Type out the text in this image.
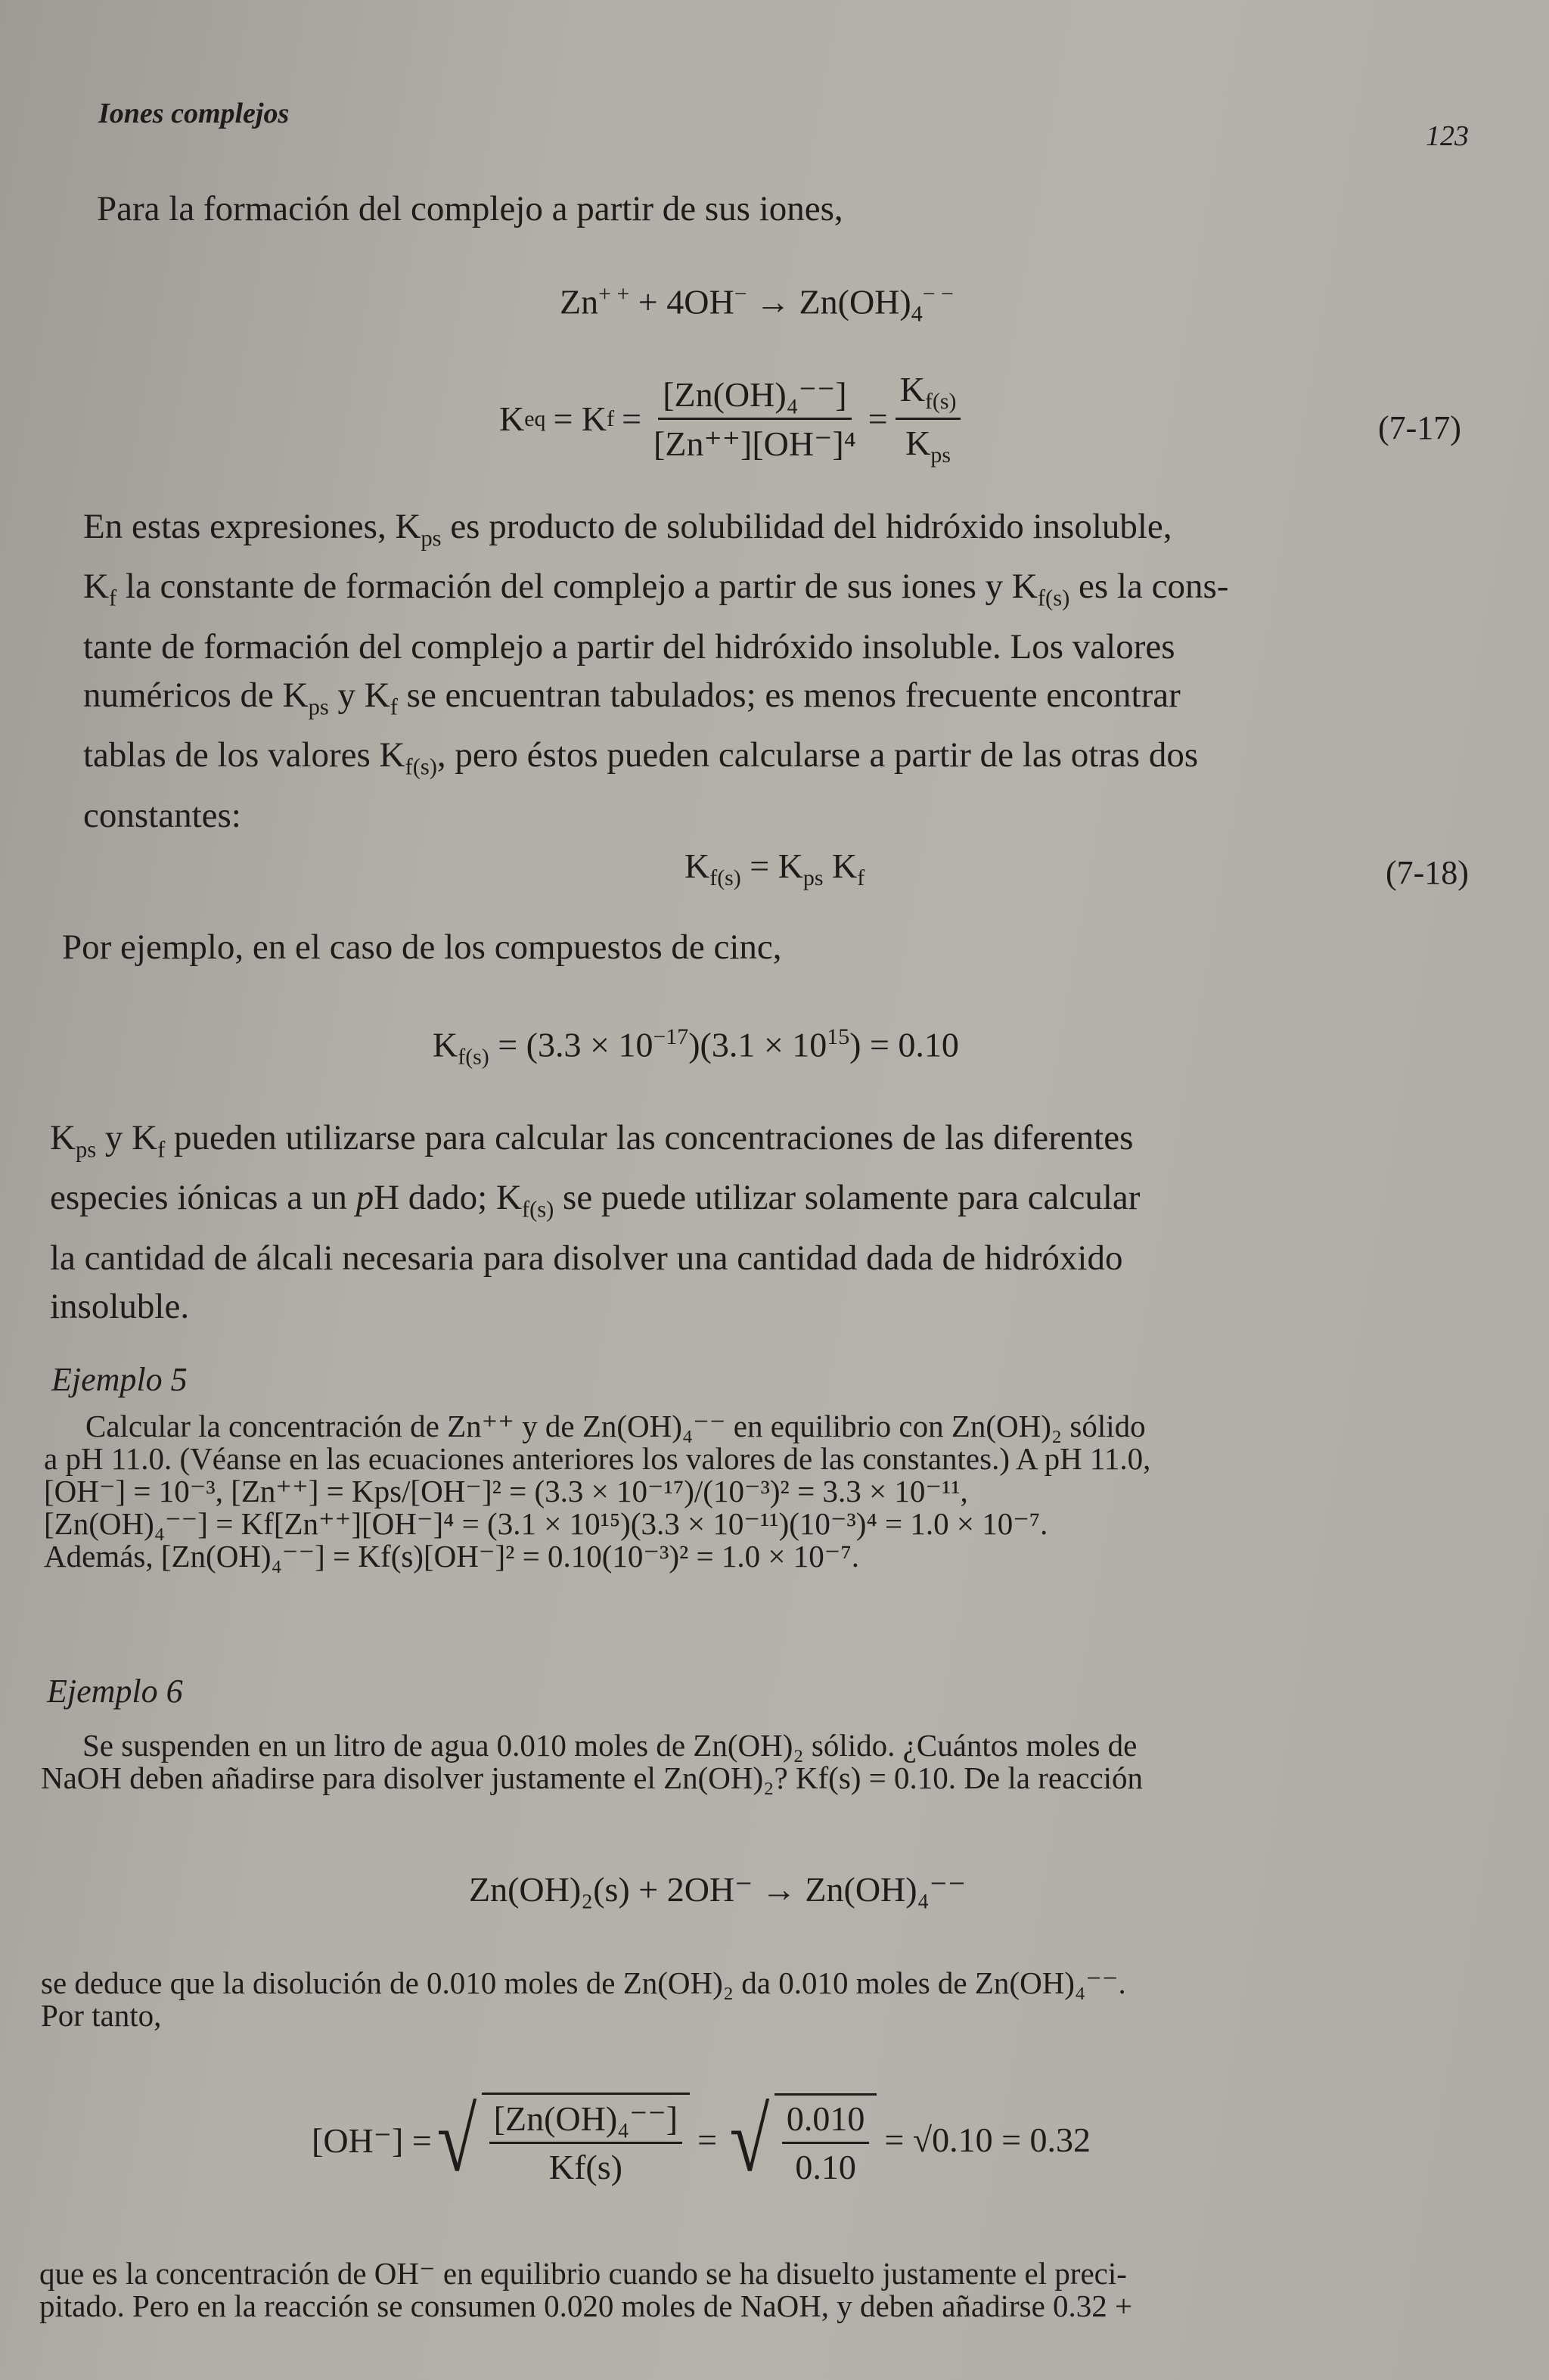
Iones complejos
123
Para la formación del complejo a partir de sus iones,
$Zn^{+ +} + 4OH^- \to Zn(OH)_4^{- -}$
K eq = K $f = \frac{\text{[Zn(OH)₄⁻⁻]}}{\text{[Zn⁺⁺][OH⁻]⁴}} = \frac{K_{f(s)}}{K_{ps}}$	(7-17)
En estas expresiones, $K_{ps}$ es producto de solubilidad del hidróxido insoluble,
$K_f$ la constante de formación del complejo a partir de sus iones y $K_{f(s)}$ es la cons-
tante de formación del complejo a partir del hidróxido insoluble. Los valores
numéricos de $K_{ps}$ y $K_f$ se encuentran tabulados; es menos frecuente encontrar
tablas de los valores $K_{f(s)}$, pero éstos pueden calcularse a partir de las otras dos
constantes:
$K_{f(s)} = K_{ps}$ $K_f$	(7-18)
Por ejemplo, en el caso de los compuestos de cinc,
$K_{f(s)} = (3.3 \times 10^{-17})(3.1 \times 10^{15}) = 0.10$
$K_{ps}$ y $K_f$ pueden utilizarse para calcular las concentraciones de las diferentes
especies iónicas a un pH dado; $K_{f(s)}$ se puede utilizar solamente para calcular
la cantidad de álcali necesaria para disolver una cantidad dada de hidróxido
insoluble.
Ejemplo 5
Calcular la concentración de Zn⁺⁺ y de Zn(OH)₄⁻⁻ en equilibrio con Zn(OH)₂ sólido
a pH 11.0. (Véanse en las ecuaciones anteriores los valores de las constantes.) A pH 11.0,
[OH⁻] = 10⁻³, [Zn⁺⁺] = Kps/[OH⁻]² = (3.3 × 10⁻¹⁷)/(10⁻³)² = 3.3 × 10⁻¹¹,
[Zn(OH)₄⁻⁻] = Kf[Zn⁺⁺][OH⁻]⁴ = (3.1 × 10¹⁵)(3.3 × 10⁻¹¹)(10⁻³)⁴ = 1.0 × 10⁻⁷.
Además, [Zn(OH)₄⁻⁻] = Kf(s)[OH⁻]² = 0.10(10⁻³)² = 1.0 × 10⁻⁷.
Ejemplo 6
Se suspenden en un litro de agua 0.010 moles de Zn(OH)₂ sólido. ¿Cuántos moles de
NaOH deben añadirse para disolver justamente el Zn(OH)₂? Kf(s) = 0.10. De la reacción
Zn(OH)₂(s) + 2OH⁻ → Zn(OH)₄⁻⁻
se deduce que la disolución de 0.010 moles de Zn(OH)₂ da 0.010 moles de Zn(OH)₄⁻⁻.
Por tanto,
[OH⁻] = √ $\frac{\text{[Zn(OH)₄⁻⁻]}}{Kf(s)}$ = √ $\frac{0.010}{0.10} = √0.10 = 0.32$
que es la concentración de OH⁻ en equilibrio cuando se ha disuelto justamente el preci-
pitado. Pero en la reacción se consumen 0.020 moles de NaOH, y deben añadirse 0.32 +
